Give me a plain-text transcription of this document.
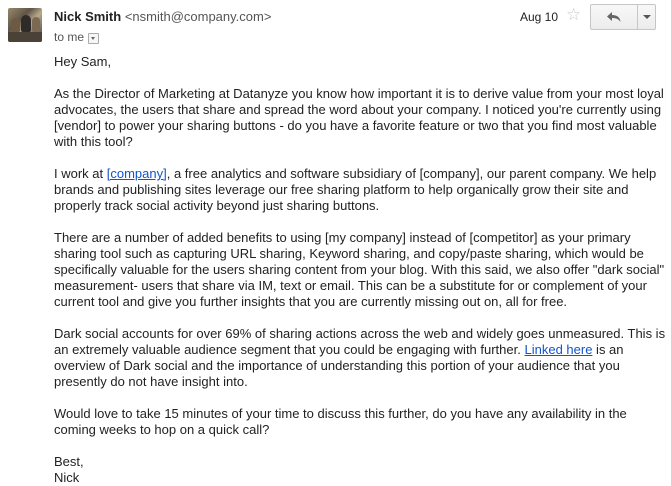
Nick Smith <nsmith@company.com>
to me
Aug 10 ☆

Hey Sam,

As the Director of Marketing at Datanyze you know how important it is to derive value from your most loyal advocates, the users that share and spread the word about your company. I noticed you're currently using [vendor] to power your sharing buttons - do you have a favorite feature or two that you find most valuable with this tool?

I work at [company], a free analytics and software subsidiary of [company], our parent company. We help brands and publishing sites leverage our free sharing platform to help organically grow their site and properly track social activity beyond just sharing buttons.

There are a number of added benefits to using [my company] instead of [competitor] as your primary sharing tool such as capturing URL sharing, Keyword sharing, and copy/paste sharing, which would be specifically valuable for the users sharing content from your blog. With this said, we also offer "dark social" measurement- users that share via IM, text or email. This can be a substitute for or complement of your current tool and give you further insights that you are currently missing out on, all for free.

Dark social accounts for over 69% of sharing actions across the web and widely goes unmeasured. This is an extremely valuable audience segment that you could be engaging with further. Linked here is an overview of Dark social and the importance of understanding this portion of your audience that you presently do not have insight into.

Would love to take 15 minutes of your time to discuss this further, do you have any availability in the coming weeks to hop on a quick call?

Best,
Nick
